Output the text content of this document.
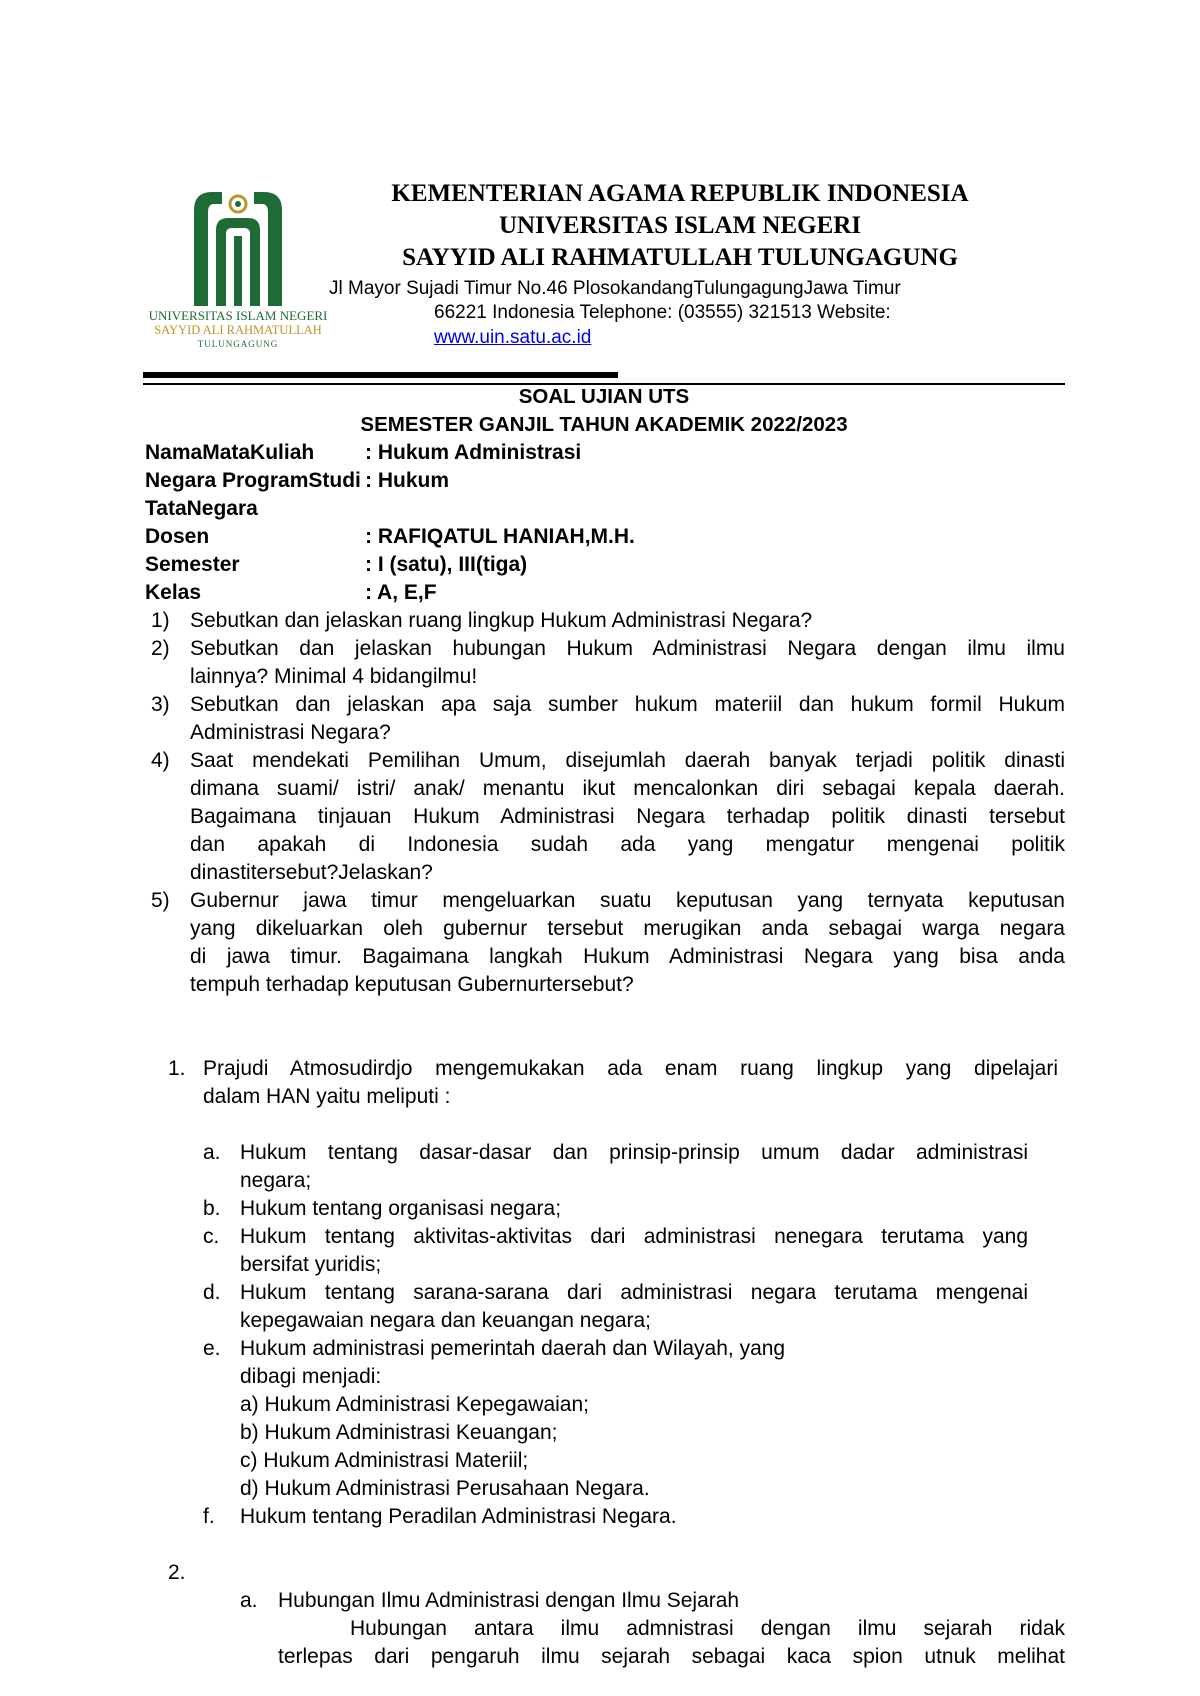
UNIVERSITAS ISLAM NEGERI
SAYYID ALI RAHMATULLAH
TULUNGAGUNG
KEMENTERIAN AGAMA REPUBLIK INDONESIA
UNIVERSITAS ISLAM NEGERI
SAYYID ALI RAHMATULLAH TULUNGAGUNG
Jl Mayor Sujadi Timur No.46 PlosokandangTulungagungJawa Timur
66221 Indonesia Telephone: (03555) 321513 Website:
www.uin.satu.ac.id
SOAL UJIAN UTS
SEMESTER GANJIL TAHUN AKADEMIK 2022/2023
NamaMataKuliah : Hukum Administrasi
Negara ProgramStudi : Hukum
TataNegara
Dosen	: RAFIQATUL HANIAH,M.H.
Semester	: I (satu), III(tiga)
Kelas	: A, E,F
1) Sebutkan dan jelaskan ruang lingkup Hukum Administrasi Negara?
2) Sebutkan dan jelaskan hubungan Hukum Administrasi Negara dengan ilmu ilmu
lainnya? Minimal 4 bidangilmu!
3) Sebutkan dan jelaskan apa saja sumber hukum materiil dan hukum formil Hukum
Administrasi Negara?
4) Saat mendekati Pemilihan Umum, disejumlah daerah banyak terjadi politik dinasti
dimana suami/ istri/ anak/ menantu ikut mencalonkan diri sebagai kepala daerah.
Bagaimana tinjauan Hukum Administrasi Negara terhadap politik dinasti tersebut
dan apakah di Indonesia sudah ada yang mengatur mengenai politik
dinastitersebut?Jelaskan?
5) Gubernur jawa timur mengeluarkan suatu keputusan yang ternyata keputusan
yang dikeluarkan oleh gubernur tersebut merugikan anda sebagai warga negara
di jawa timur. Bagaimana langkah Hukum Administrasi Negara yang bisa anda
tempuh terhadap keputusan Gubernurtersebut?
1. Prajudi Atmosudirdjo mengemukakan ada enam ruang lingkup yang dipelajari
dalam HAN yaitu meliputi :
a. Hukum tentang dasar-dasar dan prinsip-prinsip umum dadar administrasi
negara;
b. Hukum tentang organisasi negara;
c. Hukum tentang aktivitas-aktivitas dari administrasi nenegara terutama yang
bersifat yuridis;
d. Hukum tentang sarana-sarana dari administrasi negara terutama mengenai
kepegawaian negara dan keuangan negara;
e. Hukum administrasi pemerintah daerah dan Wilayah, yang
dibagi menjadi:
a) Hukum Administrasi Kepegawaian;
b) Hukum Administrasi Keuangan;
c) Hukum Administrasi Materiil;
d) Hukum Administrasi Perusahaan Negara.
f. Hukum tentang Peradilan Administrasi Negara.
2.
a. Hubungan Ilmu Administrasi dengan Ilmu Sejarah
Hubungan antara ilmu admnistrasi dengan ilmu sejarah ridak
terlepas dari pengaruh ilmu sejarah sebagai kaca spion utnuk melihat
